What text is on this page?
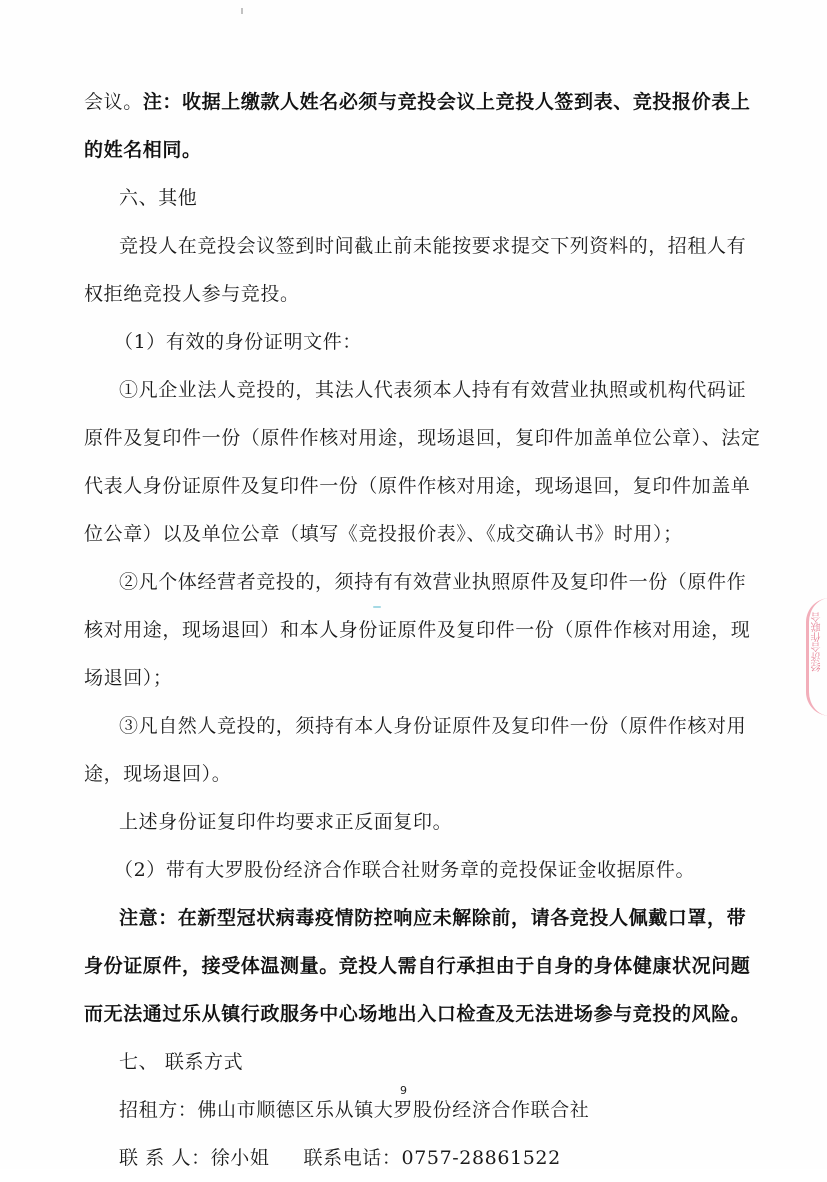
会议。注：收据上缴款人姓名必须与竞投会议上竞投人签到表、竞投报价表上
的姓名相同。
六、其他
竞投人在竞投会议签到时间截止前未能按要求提交下列资料的，招租人有
权拒绝竞投人参与竞投。
（1）有效的身份证明文件：
①凡企业法人竞投的，其法人代表须本人持有有效营业执照或机构代码证
原件及复印件一份（原件作核对用途，现场退回，复印件加盖单位公章）、法定
代表人身份证原件及复印件一份（原件作核对用途，现场退回，复印件加盖单
位公章）以及单位公章（填写《竞投报价表》、《成交确认书》时用）；
②凡个体经营者竞投的，须持有有效营业执照原件及复印件一份（原件作
核对用途，现场退回）和本人身份证原件及复印件一份（原件作核对用途，现
场退回）；
③凡自然人竞投的，须持有本人身份证原件及复印件一份（原件作核对用
途，现场退回）。
上述身份证复印件均要求正反面复印。
（2）带有大罗股份经济合作联合社财务章的竞投保证金收据原件。
注意：在新型冠状病毒疫情防控响应未解除前，请各竞投人佩戴口罩，带
身份证原件，接受体温测量。竞投人需自行承担由于自身的身体健康状况问题
而无法通过乐从镇行政服务中心场地出入口检查及无法进场参与竞投的风险。
七、 联系方式
招租方：佛山市顺德区乐从镇大罗股份经济合作联合社
联 系 人：徐小姐 联系电话：0757-28861522
经济合作联合
9
